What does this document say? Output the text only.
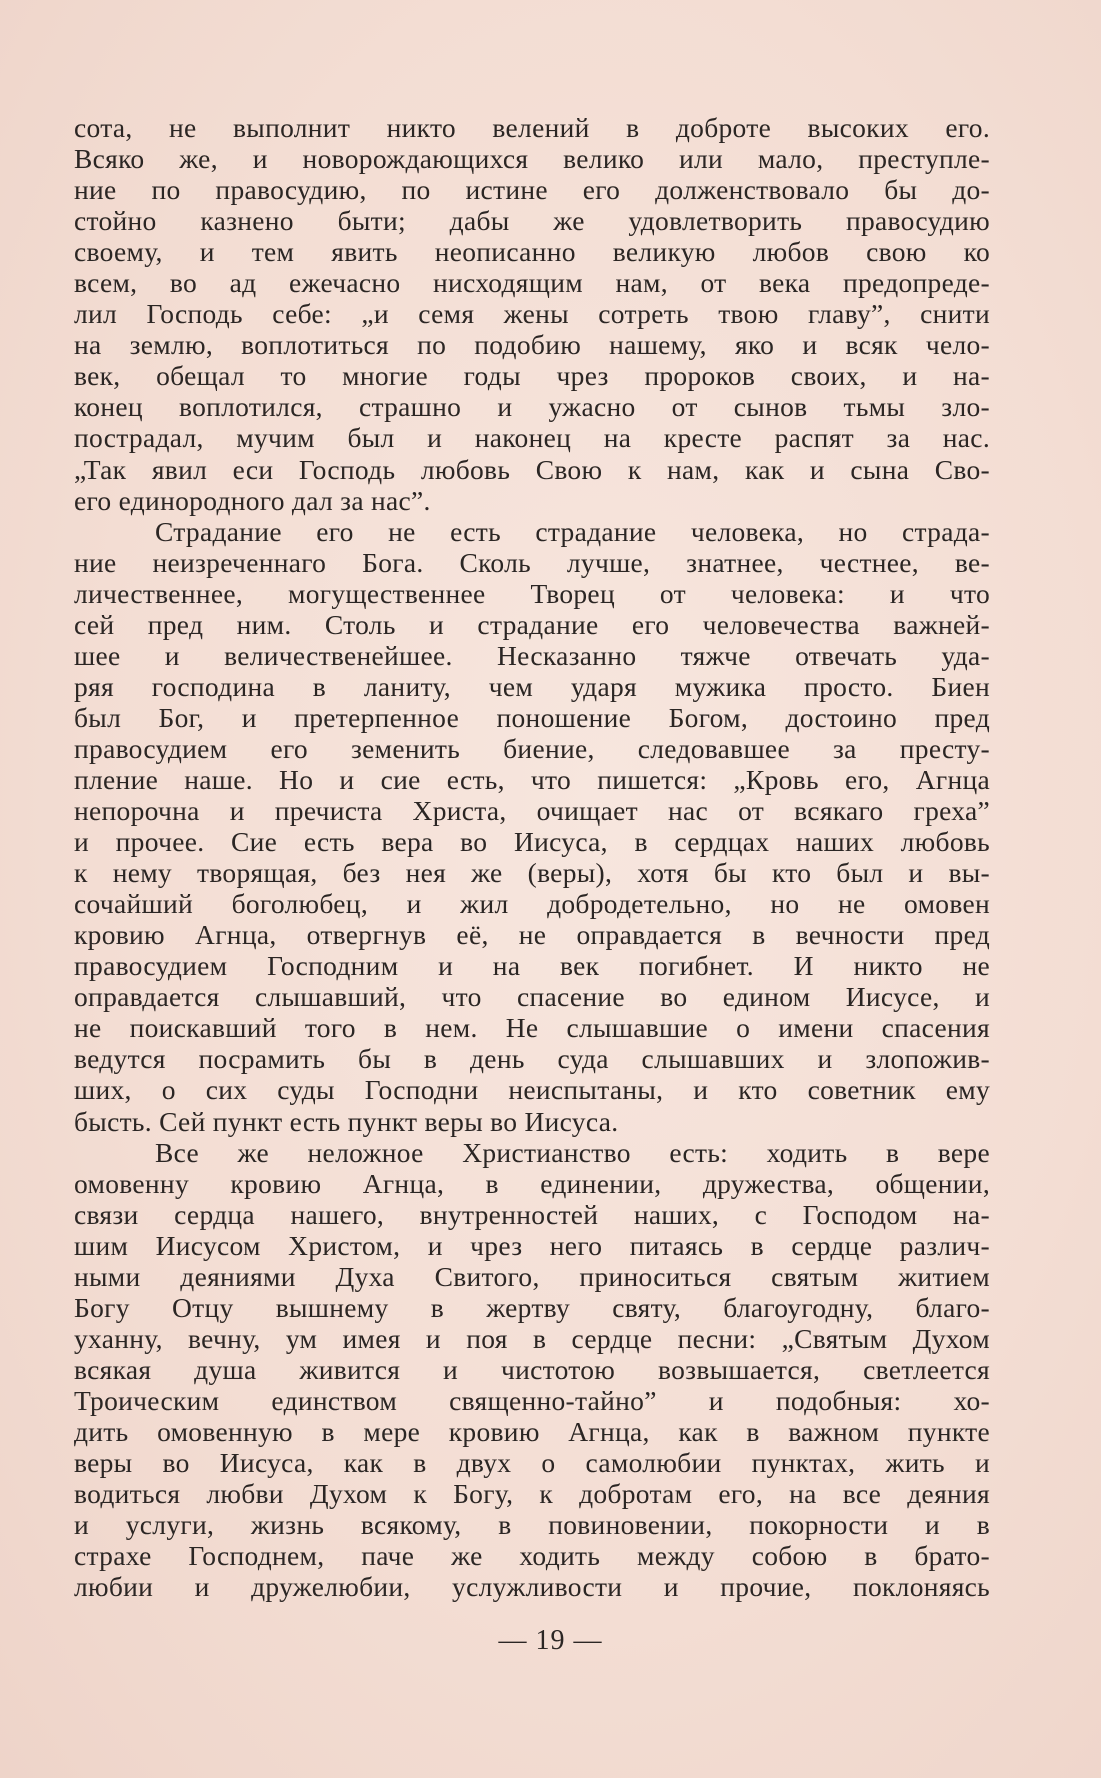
сота, не выполнит никто велений в доброте высоких его.
Всяко же, и новорождающихся велико или мало, преступле-
ние по правосудию, по истине его долженствовало бы до-
стойно казнено быти; дабы же удовлетворить правосудию
своему, и тем явить неописанно великую любов свою ко
всем, во ад ежечасно нисходящим нам, от века предопреде-
лил Господь себе: „и семя жены сотреть твою главу”, снити
на землю, воплотиться по подобию нашему, яко и всяк чело-
век, обещал то многие годы чрез пророков своих, и на-
конец воплотился, страшно и ужасно от сынов тьмы зло-
пострадал, мучим был и наконец на кресте распят за нас.
„Так явил еси Господь любовь Свою к нам, как и сына Сво-
его единородного дал за нас”.
Страдание его не есть страдание человека, но страда-
ние неизреченнаго Бога. Сколь лучше, знатнее, честнее, ве-
личественнее, могущественнее Творец от человека: и что
сей пред ним. Столь и страдание его человечества важней-
шее и величественейшее. Несказанно тяжче отвечать уда-
ряя господина в ланиту, чем ударя мужика просто. Биен
был Бог, и претерпенное поношение Богом, достоино пред
правосудием его земенить биение, следовавшее за престу-
пление наше. Но и сие есть, что пишется: „Кровь его, Агнца
непорочна и пречиста Христа, очищает нас от всякаго греха”
и прочее. Сие есть вера во Иисуса, в сердцах наших любовь
к нему творящая, без нея же (веры), хотя бы кто был и вы-
сочайший боголюбец, и жил добродетельно, но не омовен
кровию Агнца, отвергнув её, не оправдается в вечности пред
правосудием Господним и на век погибнет. И никто не
оправдается слышавший, что спасение во едином Иисусе, и
не поискавший того в нем. Не слышавшие о имени спасения
ведутся посрамить бы в день суда слышавших и злопожив-
ших, о сих суды Господни неиспытаны, и кто советник ему
бысть. Сей пункт есть пункт веры во Иисуса.
Все же неложное Христианство есть: ходить в вере
омовенну кровию Агнца, в единении, дружества, общении,
связи сердца нашего, внутренностей наших, с Господом на-
шим Иисусом Христом, и чрез него питаясь в сердце различ-
ными деяниями Духа Свитого, приноситься святым житием
Богу Отцу вышнему в жертву святу, благоугодну, благо-
уханну, вечну, ум имея и поя в сердце песни: „Святым Духом
всякая душа живится и чистотою возвышается, светлеется
Троическим единством священно-тайно” и подобныя: хо-
дить омовенную в мере кровию Агнца, как в важном пункте
веры во Иисуса, как в двух о самолюбии пунктах, жить и
водиться любви Духом к Богу, к добротам его, на все деяния
и услуги, жизнь всякому, в повиновении, покорности и в
страхе Господнем, паче же ходить между собою в брато-
любии и дружелюбии, услужливости и прочие, поклоняясь
— 19 —
